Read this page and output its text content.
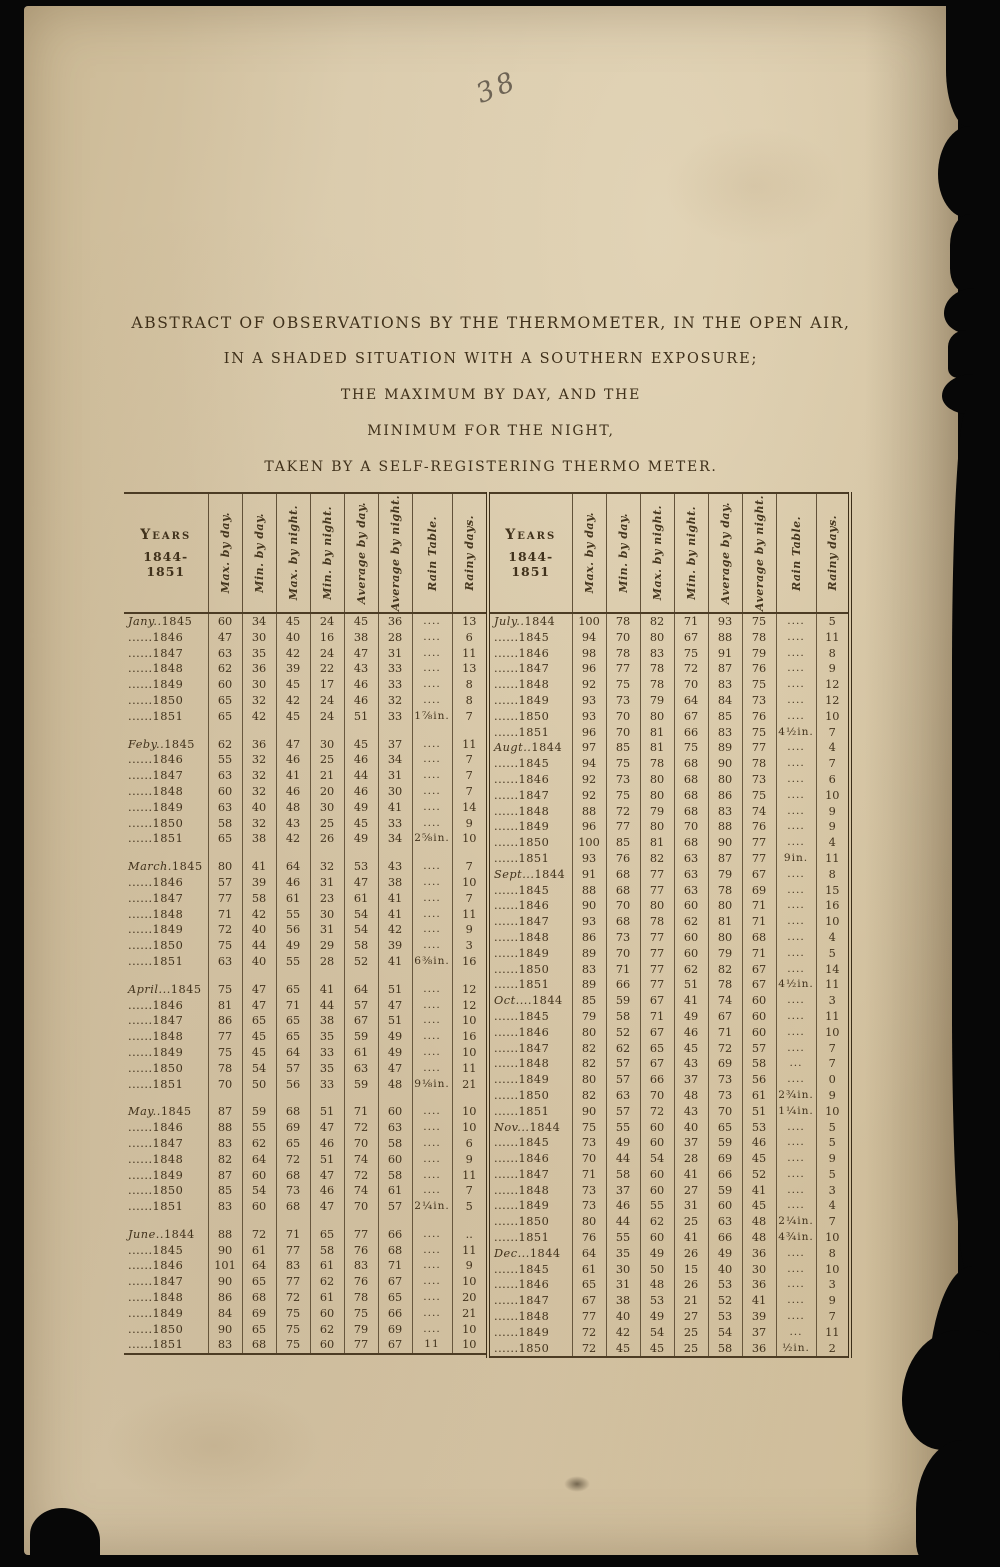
38

ABSTRACT OF OBSERVATIONS BY THE THERMOMETER, IN THE OPEN AIR,

IN A SHADED SITUATION WITH A SOUTHERN EXPOSURE;

THE MAXIMUM BY DAY, AND THE

MINIMUM FOR THE NIGHT,

TAKEN BY A SELF-REGISTERING THERMO METER.

Years
1844-1851	Max. by day.	Min. by day.	Max. by night.	Min. by night.	Average by day.	Average by night.	Rain Table.	Rainy days.

Jany..1845	60	34	45	24	45	36	....	13
......1846	47	30	40	16	38	28	....	6
......1847	63	35	42	24	47	31	....	11
......1848	62	36	39	22	43	33	....	13
......1849	60	30	45	17	46	33	....	8
......1850	65	32	42	24	46	32	....	8
......1851	65	42	45	24	51	33	1⅞in.	7

Feby..1845	62	36	47	30	45	37	....	11
......1846	55	32	46	25	46	34	....	7
......1847	63	32	41	21	44	31	....	7
......1848	60	32	46	20	46	30	....	7
......1849	63	40	48	30	49	41	....	14
......1850	58	32	43	25	45	33	....	9
......1851	65	38	42	26	49	34	2⅝in.	10

March.1845	80	41	64	32	53	43	....	7
......1846	57	39	46	31	47	38	....	10
......1847	77	58	61	23	61	41	....	7
......1848	71	42	55	30	54	41	....	11
......1849	72	40	56	31	54	42	....	9
......1850	75	44	49	29	58	39	....	3
......1851	63	40	55	28	52	41	6⅜in.	16

April...1845	75	47	65	41	64	51	....	12
......1846	81	47	71	44	57	47	....	12
......1847	86	65	65	38	67	51	....	10
......1848	77	45	65	35	59	49	....	16
......1849	75	45	64	33	61	49	....	10
......1850	78	54	57	35	63	47	....	11
......1851	70	50	56	33	59	48	9⅛in.	21

May..1845	87	59	68	51	71	60	....	10
......1846	88	55	69	47	72	63	....	10
......1847	83	62	65	46	70	58	....	6
......1848	82	64	72	51	74	60	....	9
......1849	87	60	68	47	72	58	....	11
......1850	85	54	73	46	74	61	....	7
......1851	83	60	68	47	70	57	2¼in.	5

June..1844	88	72	71	65	77	66	....	..
......1845	90	61	77	58	76	68	....	11
......1846	101	64	83	61	83	71	....	9
......1847	90	65	77	62	76	67	....	10
......1848	86	68	72	61	78	65	....	20
......1849	84	69	75	60	75	66	....	21
......1850	90	65	75	62	79	69	....	10
......1851	83	68	75	60	77	67	11	10
Years
1844-1851	Max. by day.	Min. by day.	Max. by night.	Min. by night.	Average by day.	Average by night.	Rain Table.	Rainy days.

July..1844	100	78	82	71	93	75	....	5
......1845	94	70	80	67	88	78	....	11
......1846	98	78	83	75	91	79	....	8
......1847	96	77	78	72	87	76	....	9
......1848	92	75	78	70	83	75	....	12
......1849	93	73	79	64	84	73	....	12
......1850	93	70	80	67	85	76	....	10
......1851	96	70	81	66	83	75	4½in.	7
Augt..1844	97	85	81	75	89	77	....	4
......1845	94	75	78	68	90	78	....	7
......1846	92	73	80	68	80	73	....	6
......1847	92	75	80	68	86	75	....	10
......1848	88	72	79	68	83	74	....	9
......1849	96	77	80	70	88	76	....	9
......1850	100	85	81	68	90	77	....	4
......1851	93	76	82	63	87	77	9in.	11
Sept...1844	91	68	77	63	79	67	....	8
......1845	88	68	77	63	78	69	....	15
......1846	90	70	80	60	80	71	....	16
......1847	93	68	78	62	81	71	....	10
......1848	86	73	77	60	80	68	....	4
......1849	89	70	77	60	79	71	....	5
......1850	83	71	77	62	82	67	....	14
......1851	89	66	77	51	78	67	4½in.	11
Oct....1844	85	59	67	41	74	60	....	3
......1845	79	58	71	49	67	60	....	11
......1846	80	52	67	46	71	60	....	10
......1847	82	62	65	45	72	57	....	7
......1848	82	57	67	43	69	58	...	7
......1849	80	57	66	37	73	56	....	0
......1850	82	63	70	48	73	61	2¾in.	9
......1851	90	57	72	43	70	51	1¼in.	10
Nov...1844	75	55	60	40	65	53	....	5
......1845	73	49	60	37	59	46	....	5
......1846	70	44	54	28	69	45	....	9
......1847	71	58	60	41	66	52	....	5
......1848	73	37	60	27	59	41	....	3
......1849	73	46	55	31	60	45	....	4
......1850	80	44	62	25	63	48	2¼in.	7
......1851	76	55	60	41	66	48	4¾in.	10
Dec...1844	64	35	49	26	49	36	....	8
......1845	61	30	50	15	40	30	....	10
......1846	65	31	48	26	53	36	....	3
......1847	67	38	53	21	52	41	....	9
......1848	77	40	49	27	53	39	....	7
......1849	72	42	54	25	54	37	...	11
......1850	72	45	45	25	58	36	½in.	2
